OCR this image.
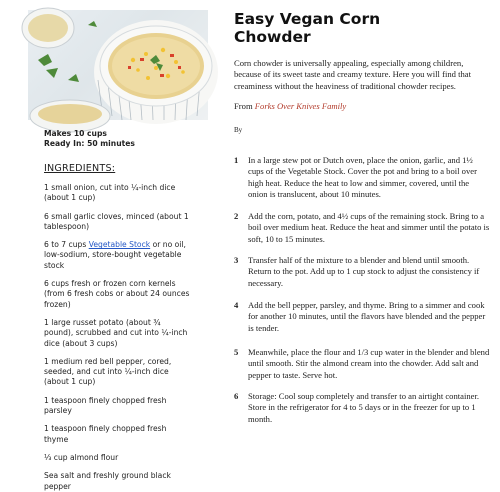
Makes 10 cups
Ready In: 50 minutes
INGREDIENTS:
1 small onion, cut into ¼-inch dice (about 1 cup)
6 small garlic cloves, minced (about 1 tablespoon)
6 to 7 cups Vegetable Stock or no oil, low-sodium, store-bought vegetable stock
6 cups fresh or frozen corn kernels (from 6 fresh cobs or about 24 ounces frozen)
1 large russet potato (about ¾ pound), scrubbed and cut into ¼-inch dice (about 3 cups)
1 medium red bell pepper, cored, seeded, and cut into ¼-inch dice (about 1 cup)
1 teaspoon finely chopped fresh parsley
1 teaspoon finely chopped fresh thyme
⅓ cup almond flour
Sea salt and freshly ground black pepper
Easy Vegan Corn
Chowder
Corn chowder is universally appealing, especially among children, because of its sweet taste and creamy texture. Here you will find that creaminess without the heaviness of traditional chowder recipes.
From Forks Over Knives Family
By
1 In a large stew pot or Dutch oven, place the onion, garlic, and 1½ cups of the Vegetable Stock. Cover the pot and bring to a boil over high heat. Reduce the heat to low and simmer, covered, until the onion is translucent, about 10 minutes.
2 Add the corn, potato, and 4½ cups of the remaining stock. Bring to a boil over medium heat. Reduce the heat and simmer until the potato is soft, 10 to 15 minutes.
3 Transfer half of the mixture to a blender and blend until smooth. Return to the pot. Add up to 1 cup stock to adjust the consistency if necessary.
4 Add the bell pepper, parsley, and thyme. Bring to a simmer and cook for another 10 minutes, until the flavors have blended and the pepper is tender.
5 Meanwhile, place the flour and 1/3 cup water in the blender and blend until smooth. Stir the almond cream into the chowder. Add salt and pepper to taste. Serve hot.
6 Storage: Cool soup completely and transfer to an airtight container. Store in the refrigerator for 4 to 5 days or in the freezer for up to 1 month.
